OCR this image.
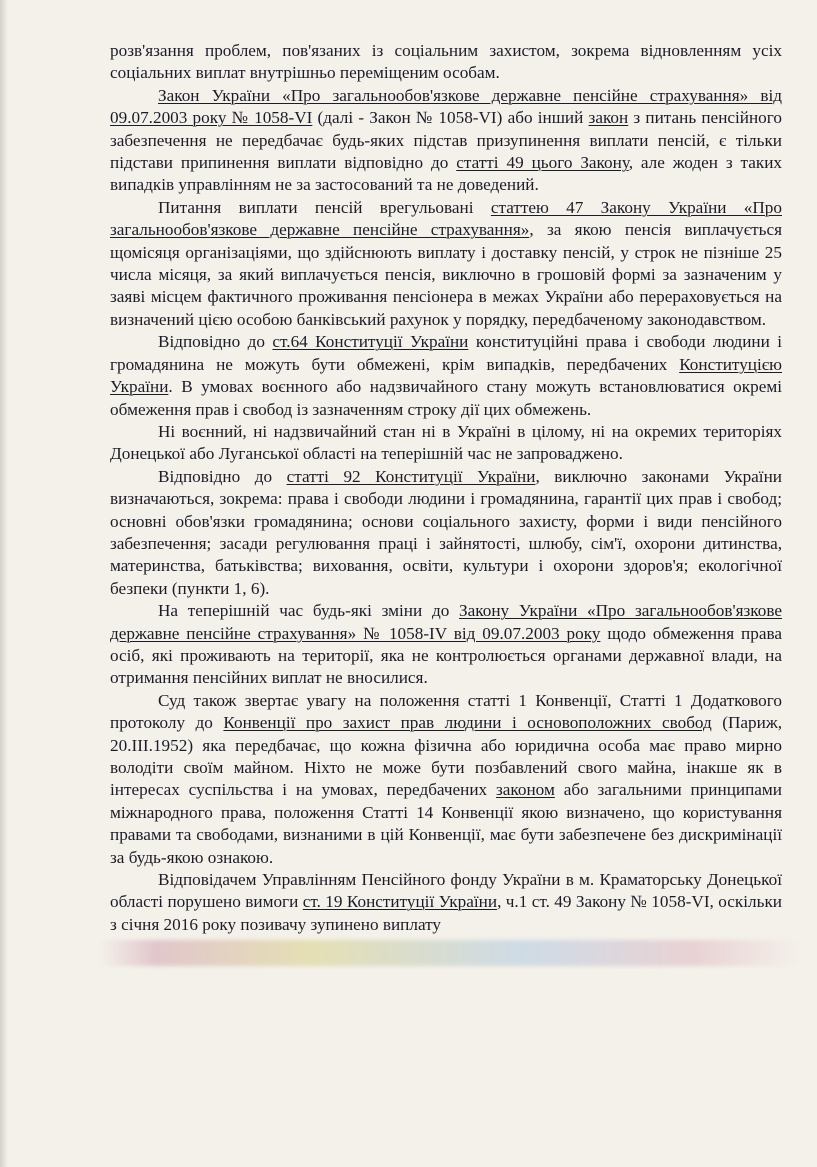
розв'язання проблем, пов'язаних із соціальним захистом, зокрема відновленням усіх соціальних виплат внутрішньо переміщеним особам.

Закон України «Про загальнообов'язкове державне пенсійне страхування» від 09.07.2003 року № 1058-VI (далі - Закон № 1058-VI) або інший закон з питань пенсійного забезпечення не передбачає будь-яких підстав призупинення виплати пенсій, є тільки підстави припинення виплати відповідно до статті 49 цього Закону, але жоден з таких випадків управлінням не за застосований та не доведений.

Питання виплати пенсій врегульовані статтею 47 Закону України «Про загальнообов'язкове державне пенсійне страхування», за якою пенсія виплачується щомісяця організаціями, що здійснюють виплату і доставку пенсій, у строк не пізніше 25 числа місяця, за який виплачується пенсія, виключно в грошовій формі за зазначеним у заяві місцем фактичного проживання пенсіонера в межах України або перераховується на визначений цією особою банківський рахунок у порядку, передбаченому законодавством.

Відповідно до ст.64 Конституції України конституційні права і свободи людини і громадянина не можуть бути обмежені, крім випадків, передбачених Конституцією України. В умовах воєнного або надзвичайного стану можуть встановлюватися окремі обмеження прав і свобод із зазначенням строку дії цих обмежень.

Ні воєнний, ні надзвичайний стан ні в Україні в цілому, ні на окремих територіях Донецької або Луганської області на теперішній час не запроваджено.

Відповідно до статті 92 Конституції України, виключно законами України визначаються, зокрема: права і свободи людини і громадянина, гарантії цих прав і свобод; основні обов'язки громадянина; основи соціального захисту, форми і види пенсійного забезпечення; засади регулювання праці і зайнятості, шлюбу, сім'ї, охорони дитинства, материнства, батьківства; виховання, освіти, культури і охорони здоров'я; екологічної безпеки (пункти 1, 6).

На теперішній час будь-які зміни до Закону України «Про загальнообов'язкове державне пенсійне страхування» № 1058-IV від 09.07.2003 року щодо обмеження права осіб, які проживають на території, яка не контролюється органами державної влади, на отримання пенсійних виплат не вносилися.

Суд також звертає увагу на положення статті 1 Конвенції, Статті 1 Додаткового протоколу до Конвенції про захист прав людини і основоположних свобод (Париж, 20.III.1952) яка передбачає, що кожна фізична або юридична особа має право мирно володіти своїм майном. Ніхто не може бути позбавлений свого майна, інакше як в інтересах суспільства і на умовах, передбачених законом або загальними принципами міжнародного права, положення Статті 14 Конвенції якою визначено, що користування правами та свободами, визнаними в цій Конвенції, має бути забезпечене без дискримінації за будь-якою ознакою.

Відповідачем Управлінням Пенсійного фонду України в м. Краматорську Донецької області порушено вимоги ст. 19 Конституції України, ч.1 ст. 49 Закону № 1058-VI, оскільки з січня 2016 року позивачу зупинено виплату
